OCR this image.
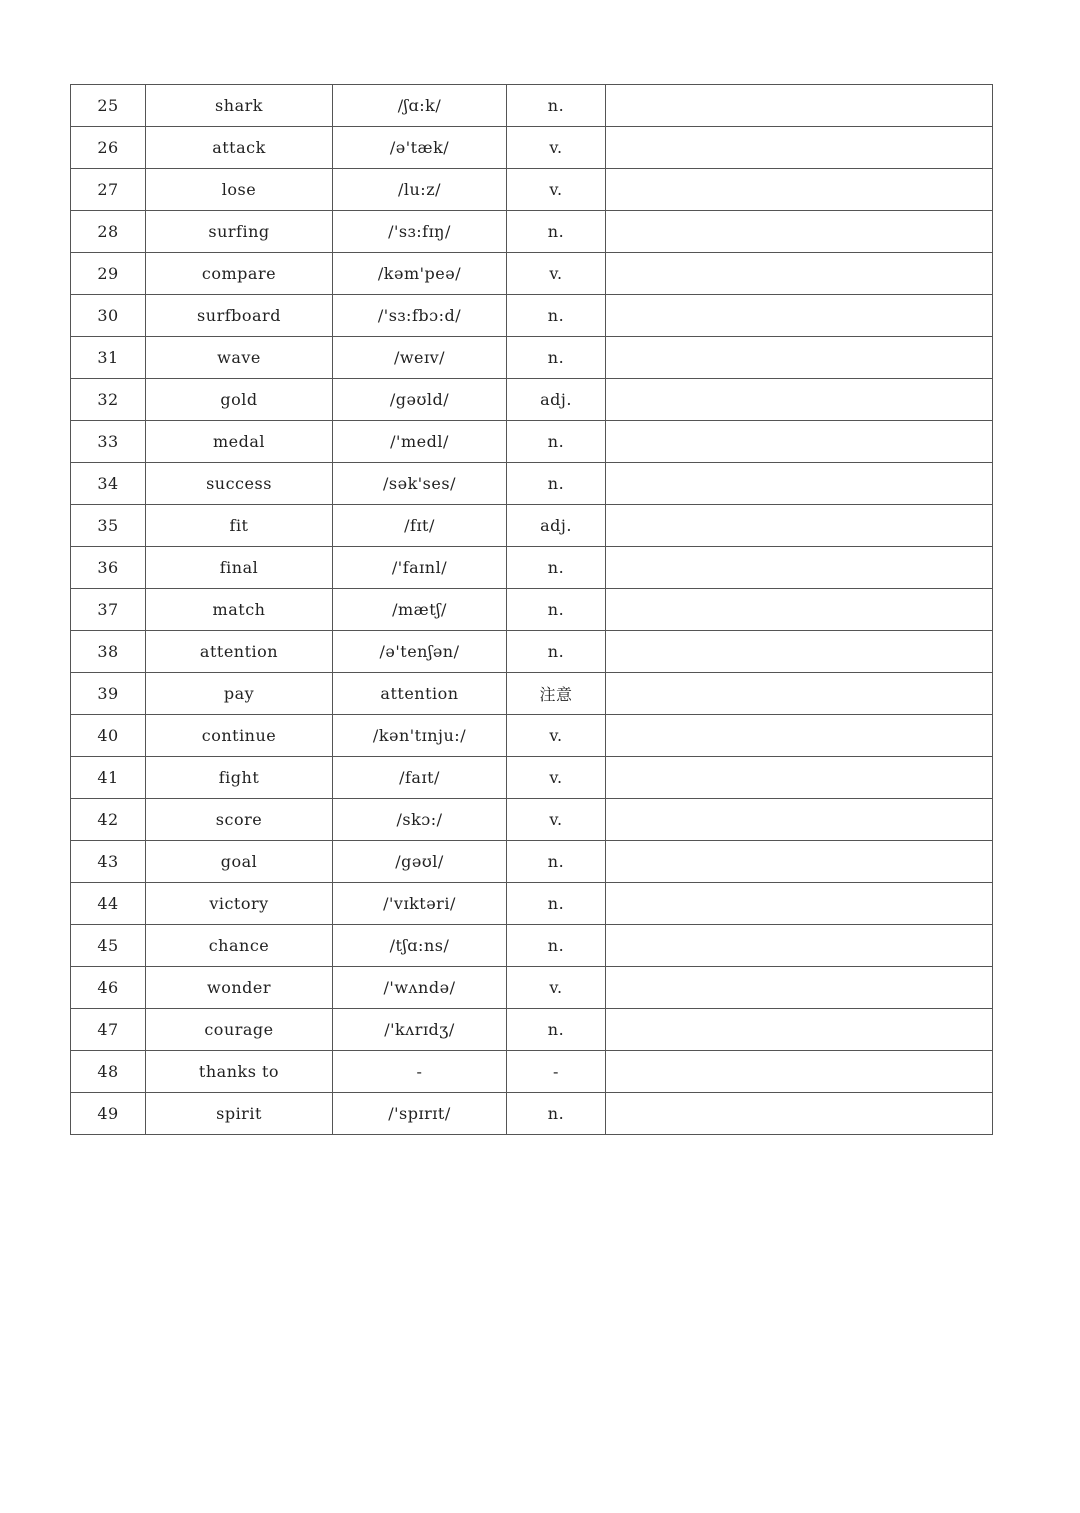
25	shark	/ʃɑ:k/	n.	
26	attack	/ə'tæk/	v.	
27	lose	/lu:z/	v.	
28	surfing	/'sɜ:fɪŋ/	n.	
29	compare	/kəm'peə/	v.	
30	surfboard	/'sɜ:fbɔ:d/	n.	
31	wave	/weɪv/	n.	
32	gold	/gəʊld/	adj.	
33	medal	/'medl/	n.	
34	success	/sək'ses/	n.	
35	fit	/fɪt/	adj.	
36	final	/'faɪnl/	n.	
37	match	/mætʃ/	n.	
38	attention	/ə'tenʃən/	n.	
39	pay	attention	注意	
40	continue	/kən'tɪnju:/	v.	
41	fight	/faɪt/	v.	
42	score	/skɔ:/	v.	
43	goal	/gəʊl/	n.	
44	victory	/'vɪktəri/	n.	
45	chance	/tʃɑ:ns/	n.	
46	wonder	/'wʌndə/	v.	
47	courage	/'kʌrɪdʒ/	n.	
48	thanks to	-	-	
49	spirit	/'spɪrɪt/	n.	
